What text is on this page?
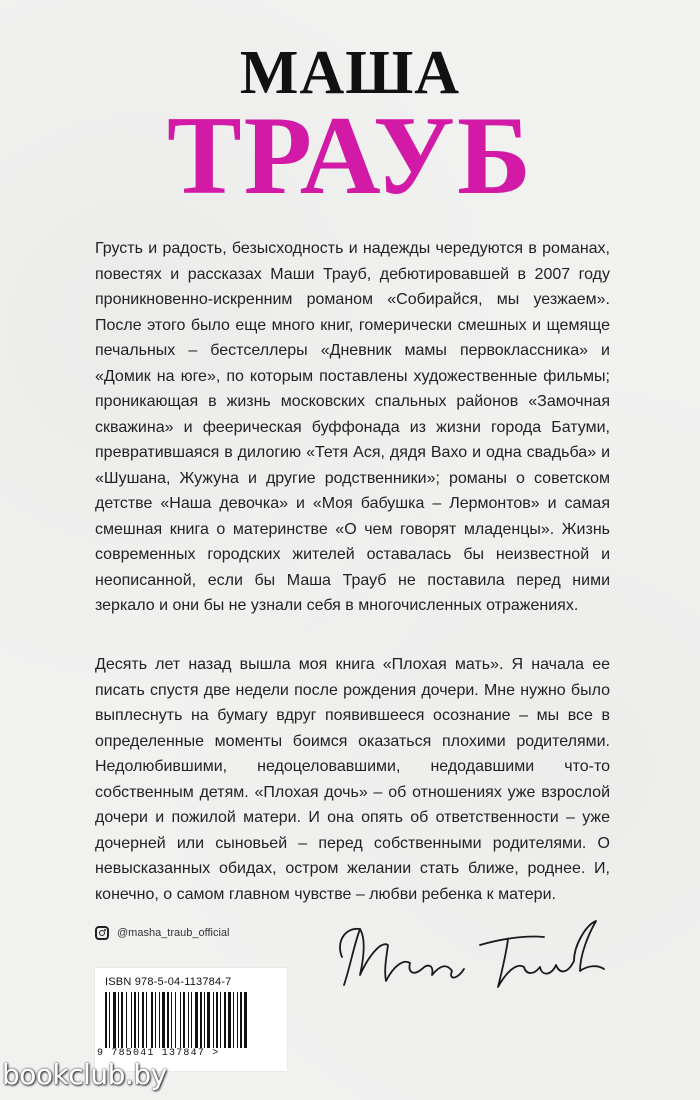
МАША
ТРАУБ

Грусть и радость, безысходность и надежды чередуются в романах, повестях и рассказах Маши Трауб, дебютировавшей в 2007 году проникновенно-искренним романом «Собирайся, мы уезжаем». После этого было еще много книг, гомерически смешных и щемяще печальных – бестселлеры «Дневник мамы первоклассника» и «Домик на юге», по которым поставлены художественные фильмы; проникающая в жизнь московских спальных районов «Замочная скважина» и феерическая буффонада из жизни города Батуми, превратившаяся в дилогию «Тетя Ася, дядя Вахо и одна свадьба» и «Шушана, Жужуна и другие родственники»; романы о советском детстве «Наша девочка» и «Моя бабушка – Лермонтов» и самая смешная книга о материнстве «О чем говорят младенцы». Жизнь современных городских жителей оставалась бы неизвестной и неописанной, если бы Маша Трауб не поставила перед ними зеркало и они бы не узнали себя в многочисленных отражениях.

Десять лет назад вышла моя книга «Плохая мать». Я начала ее писать спустя две недели после рождения дочери. Мне нужно было выплеснуть на бумагу вдруг появившееся осознание – мы все в определенные моменты боимся оказаться плохими родителями. Недолюбившими, недоцеловавшими, недодавшими что-то собственным детям. «Плохая дочь» – об отношениях уже взрослой дочери и пожилой матери. И она опять об ответственности – уже дочерней или сыновьей – перед собственными родителями. О невысказанных обидах, остром желании стать ближе, роднее. И, конечно, о самом главном чувстве – любви ребенка к матери.

@masha_traub_official
ISBN 978-5-04-113784-7
9 785041 137847 >
bookclub.by
